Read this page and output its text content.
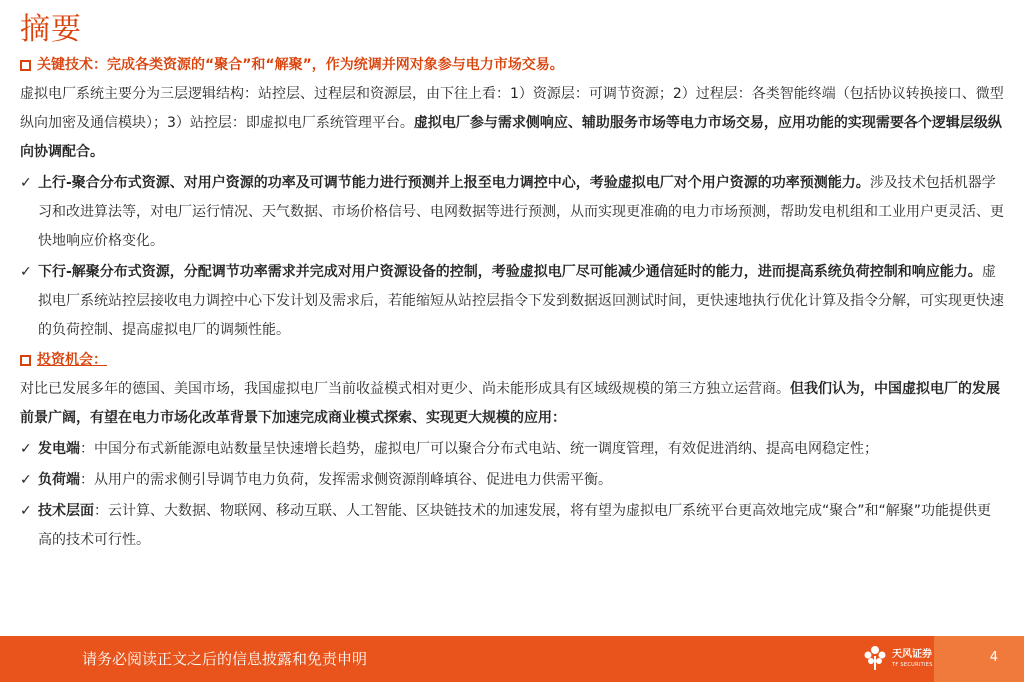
摘要
关键技术：完成各类资源的“聚合”和“解聚”，作为统调并网对象参与电力市场交易。

虚拟电厂系统主要分为三层逻辑结构：站控层、过程层和资源层，由下往上看：1）资源层：可调节资源；2）过程层：各类智能终端（包括协议转换接口、微型纵向加密及通信模块）；3）站控层：即虚拟电厂系统管理平台。虚拟电厂参与需求侧响应、辅助服务市场等电力市场交易，应用功能的实现需要各个逻辑层级纵向协调配合。

✓ 上行-聚合分布式资源、对用户资源的功率及可调节能力进行预测并上报至电力调控中心，考验虚拟电厂对个用户资源的功率预测能力。涉及技术包括机器学习和改进算法等，对电厂运行情况、天气数据、市场价格信号、电网数据等进行预测，从而实现更准确的电力市场预测，帮助发电机组和工业用户更灵活、更快地响应价格变化。
✓ 下行-解聚分布式资源，分配调节功率需求并完成对用户资源设备的控制，考验虚拟电厂尽可能减少通信延时的能力，进而提高系统负荷控制和响应能力。虚拟电厂系统站控层接收电力调控中心下发计划及需求后，若能缩短从站控层指令下发到数据返回测试时间，更快速地执行优化计算及指令分解，可实现更快速的负荷控制、提高虚拟电厂的调频性能。
投资机会：

对比已发展多年的德国、美国市场，我国虚拟电厂当前收益模式相对更少、尚未能形成具有区域级规模的第三方独立运营商。但我们认为，中国虚拟电厂的发展前景广阔，有望在电力市场化改革背景下加速完成商业模式探索、实现更大规模的应用：

✓ 发电端：中国分布式新能源电站数量呈快速增长趋势，虚拟电厂可以聚合分布式电站、统一调度管理，有效促进消纳、提高电网稳定性；
✓ 负荷端：从用户的需求侧引导调节电力负荷，发挥需求侧资源削峰填谷、促进电力供需平衡。
✓ 技术层面：云计算、大数据、物联网、移动互联、人工智能、区块链技术的加速发展，将有望为虚拟电厂系统平台更高效地完成“聚合”和“解聚”功能提供更高的技术可行性。
请务必阅读正文之后的信息披露和免责申明	天风证券
TF SECURITIES	4
